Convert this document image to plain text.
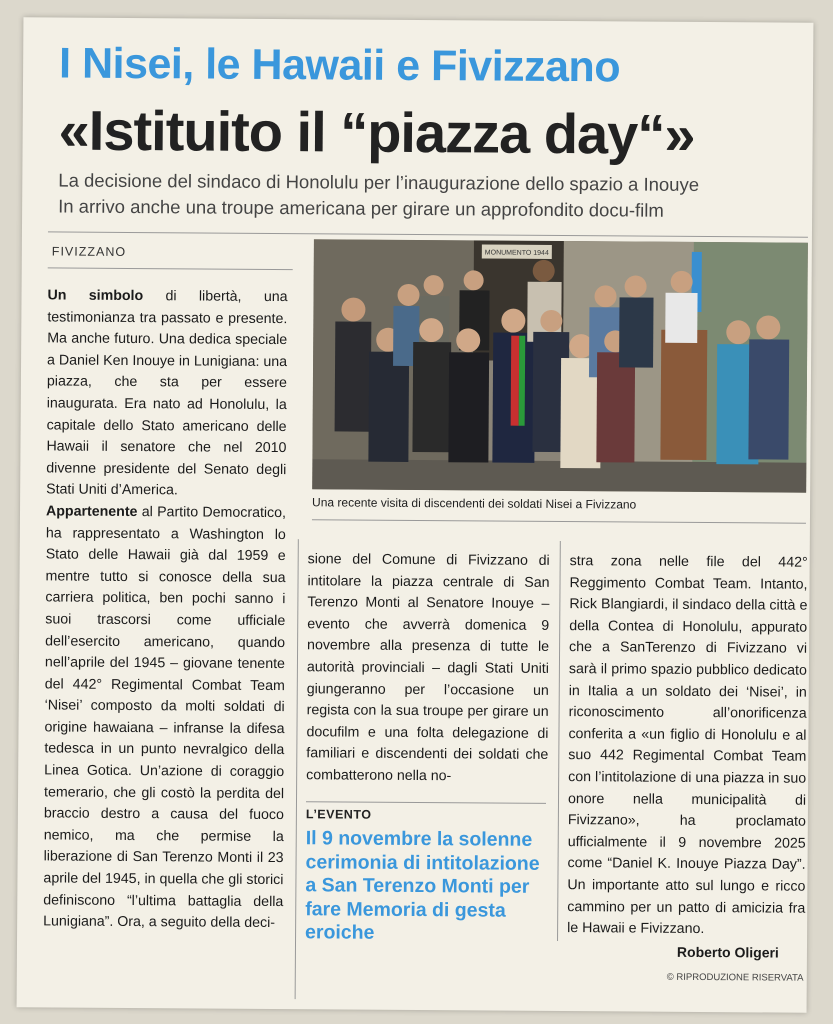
I Nisei, le Hawaii e Fivizzano
«Istituito il “piazza day“»
La decisione del sindaco di Honolulu per l’inaugurazione dello spazio a Inouye
In arrivo anche una troupe americana per girare un approfondito docu-film
FIVIZZANO	MONUMENTO 1944
Una recente visita di discendenti dei soldati Nisei a Fivizzano

Un simbolo di libertà, una testimonianza tra passato e presente. Ma anche futuro. Una dedica speciale a Daniel Ken Inouye in Lunigiana: una piazza, che sta per essere inaugurata. Era nato ad Honolulu, la capitale dello Stato americano delle Hawaii il senatore che nel 2010 divenne presidente del Senato degli Stati Uniti d’America.

Appartenente al Partito Democratico, ha rappresentato a Washington lo Stato delle Hawaii già dal 1959 e mentre tutto si conosce della sua carriera politica, ben pochi sanno i suoi trascorsi come ufficiale dell’esercito americano, quando nell’aprile del 1945 – giovane tenente del 442° Regimental Combat Team ‘Nisei’ composto da molti soldati di origine hawaiana – infranse la difesa tedesca in un punto nevralgico della Linea Gotica. Un’azione di coraggio temerario, che gli costò la perdita del braccio destro a causa del fuoco nemico, ma che permise la liberazione di San Terenzo Monti il 23 aprile del 1945, in quella che gli storici definiscono “l’ultima battaglia della Lunigiana”. Ora, a seguito della deci-

sione del Comune di Fivizzano di intitolare la piazza centrale di San Terenzo Monti al Senatore Inouye – evento che avverrà domenica 9 novembre alla presenza di tutte le autorità provinciali – dagli Stati Uniti giungeranno per l’occasione un regista con la sua troupe per girare un docufilm e una folta delegazione di familiari e discendenti dei soldati che combatterono nella no-

L’EVENTO
Il 9 novembre la solenne cerimonia di intitolazione a San Terenzo Monti per fare Memoria di gesta eroiche

stra zona nelle file del 442° Reggimento Combat Team. Intanto, Rick Blangiardi, il sindaco della città e della Contea di Honolulu, appurato che a SanTerenzo di Fivizzano vi sarà il primo spazio pubblico dedicato in Italia a un soldato dei ‘Nisei’, in riconoscimento all’onorificenza conferita a «un figlio di Honolulu e al suo 442 Regimental Combat Team con l’intitolazione di una piazza in suo onore nella municipalità di Fivizzano», ha proclamato ufficialmente il 9 novembre 2025 come “Daniel K. Inouye Piazza Day”. Un importante atto sul lungo e ricco cammino per un patto di amicizia fra le Hawaii e Fivizzano.

Roberto Oligeri
© RIPRODUZIONE RISERVATA
